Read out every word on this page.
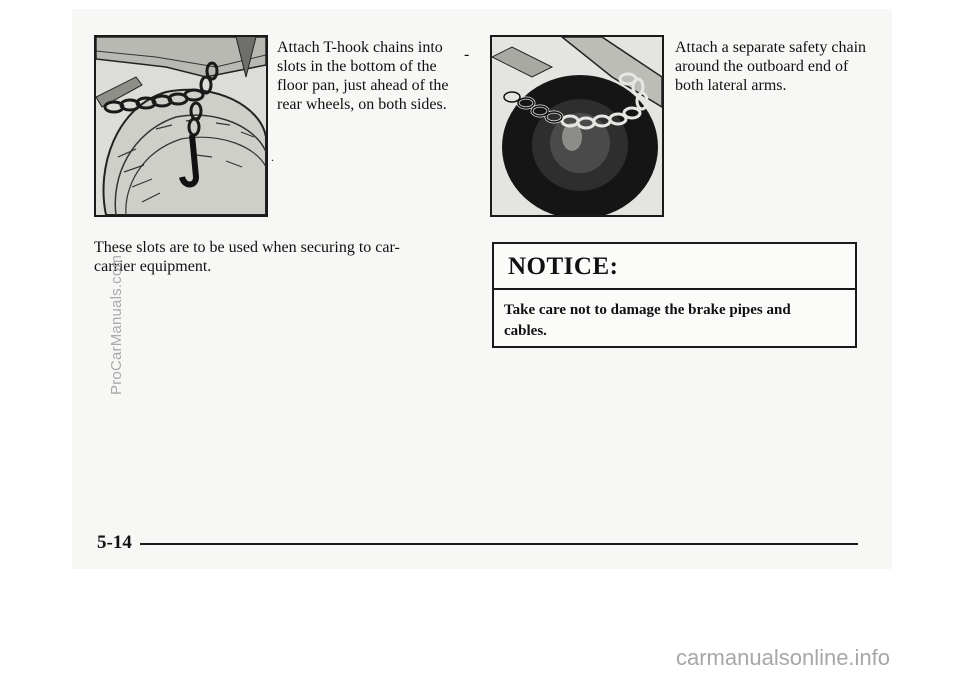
Attach T-hook chains into slots in the bottom of the floor pan, just ahead of the rear wheels, on both sides.

-
.

Attach a separate safety chain around the outboard end of both lateral arms.

These slots are to be used when securing to car-carrier equipment.	NOTICE:

Take care not to damage the brake pipes and cables.

5-14
ProCarManuals.com
carmanualsonline.info
